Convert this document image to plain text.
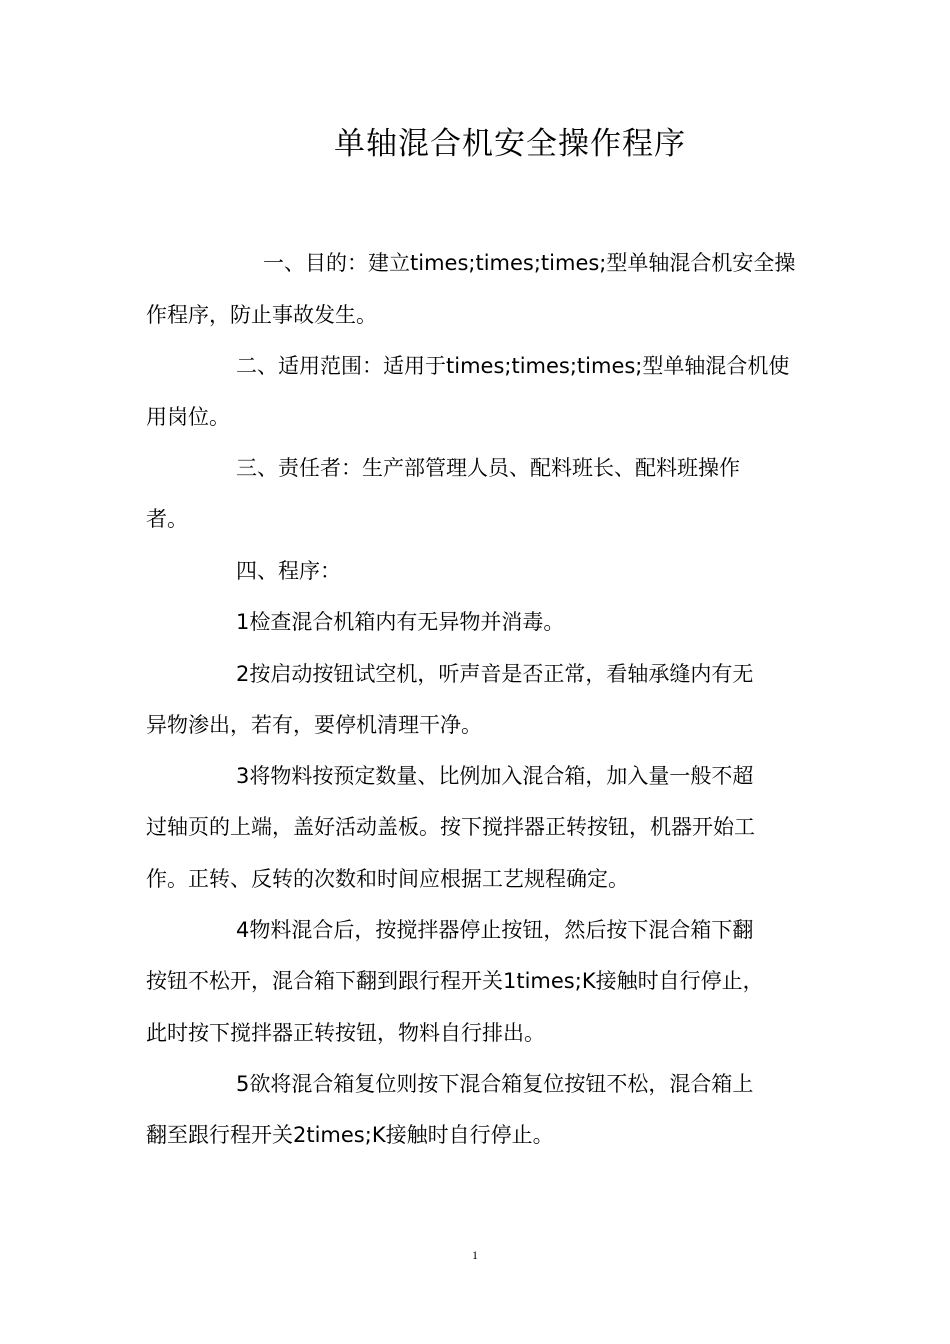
单轴混合机安全操作程序

一、目的：建立times;times;times;型单轴混合机安全操

作程序，防止事故发生。

二、适用范围：适用于times;times;times;型单轴混合机使

用岗位。

三、责任者：生产部管理人员、配料班长、配料班操作

者。

四、程序：

1检查混合机箱内有无异物并消毒。

2按启动按钮试空机，听声音是否正常，看轴承缝内有无

异物渗出，若有，要停机清理干净。

3将物料按预定数量、比例加入混合箱，加入量一般不超

过轴页的上端，盖好活动盖板。按下搅拌器正转按钮，机器开始工

作。正转、反转的次数和时间应根据工艺规程确定。

4物料混合后，按搅拌器停止按钮，然后按下混合箱下翻

按钮不松开，混合箱下翻到跟行程开关1times;K接触时自行停止，

此时按下搅拌器正转按钮，物料自行排出。

5欲将混合箱复位则按下混合箱复位按钮不松，混合箱上

翻至跟行程开关2times;K接触时自行停止。

1
